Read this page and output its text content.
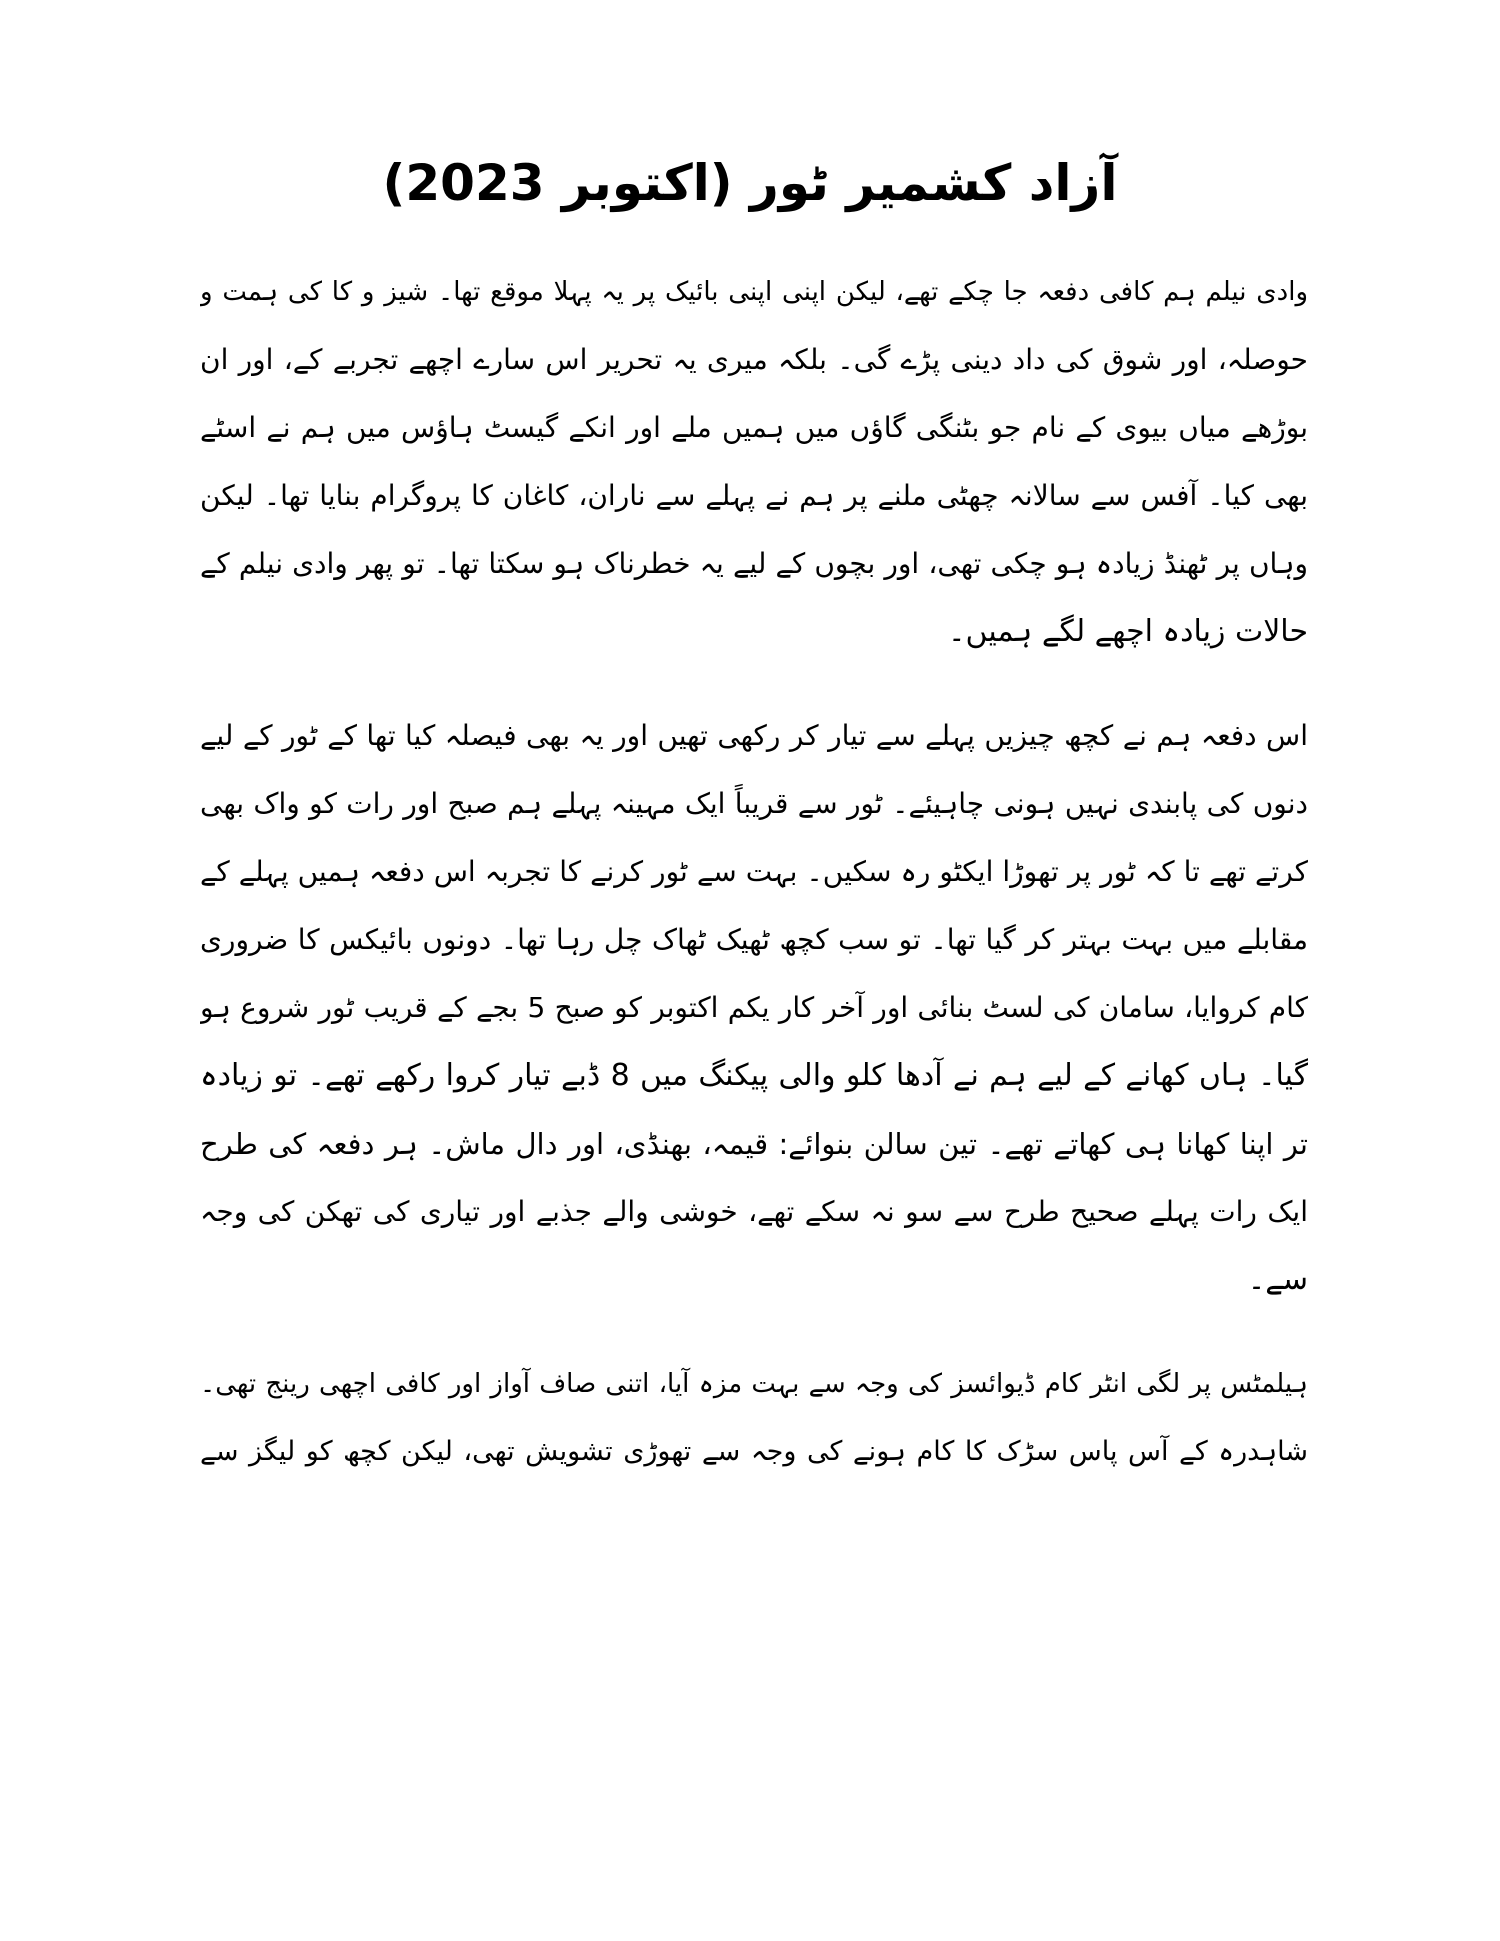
آزاد کشمیر ٹور (اکتوبر 2023)

وادی نیلم ہم کافی دفعہ جا چکے تھے، لیکن اپنی اپنی بائیک پر یہ پہلا موقع تھا۔ شیز و کا کی ہمت و
حوصلہ، اور شوق کی داد دینی پڑے گی۔ بلکہ میری یہ تحریر اس سارے اچھے تجربے کے، اور ان
بوڑھے میاں بیوی کے نام جو بٹنگی گاؤں میں ہمیں ملے اور انکے گیسٹ ہاؤس میں ہم نے اسٹے
بھی کیا۔ آفس سے سالانہ چھٹی ملنے پر ہم نے پہلے سے ناران، کاغان کا پروگرام بنایا تھا۔ لیکن
وہاں پر ٹھنڈ زیادہ ہو چکی تھی، اور بچوں کے لیے یہ خطرناک ہو سکتا تھا۔ تو پھر وادی نیلم کے
حالات زیادہ اچھے لگے ہمیں۔

اس دفعہ ہم نے کچھ چیزیں پہلے سے تیار کر رکھی تھیں اور یہ بھی فیصلہ کیا تھا کے ٹور کے لیے
دنوں کی پابندی نہیں ہونی چاہیئے۔ ٹور سے قریباً ایک مہینہ پہلے ہم صبح اور رات کو واک بھی
کرتے تھے تا کہ ٹور پر تھوڑا ایکٹو رہ سکیں۔ بہت سے ٹور کرنے کا تجربہ اس دفعہ ہمیں پہلے کے
مقابلے میں بہت بہتر کر گیا تھا۔ تو سب کچھ ٹھیک ٹھاک چل رہا تھا۔ دونوں بائیکس کا ضروری
کام کروایا، سامان کی لسٹ بنائی اور آخر کار یکم اکتوبر کو صبح 5 بجے کے قریب ٹور شروع ہو
گیا۔ ہاں کھانے کے لیے ہم نے آدھا کلو والی پیکنگ میں 8 ڈبے تیار کروا رکھے تھے۔ تو زیادہ
تر اپنا کھانا ہی کھاتے تھے۔ تین سالن بنوائے: قیمہ، بھنڈی، اور دال ماش۔ ہر دفعہ کی طرح
ایک رات پہلے صحیح طرح سے سو نہ سکے تھے، خوشی والے جذبے اور تیاری کی تھکن کی وجہ
سے۔

ہیلمٹس پر لگی انٹر کام ڈیوائسز کی وجہ سے بہت مزہ آیا، اتنی صاف آواز اور کافی اچھی رینج تھی۔
شاہدرہ کے آس پاس سڑک کا کام ہونے کی وجہ سے تھوڑی تشویش تھی، لیکن کچھ کو لیگز سے
